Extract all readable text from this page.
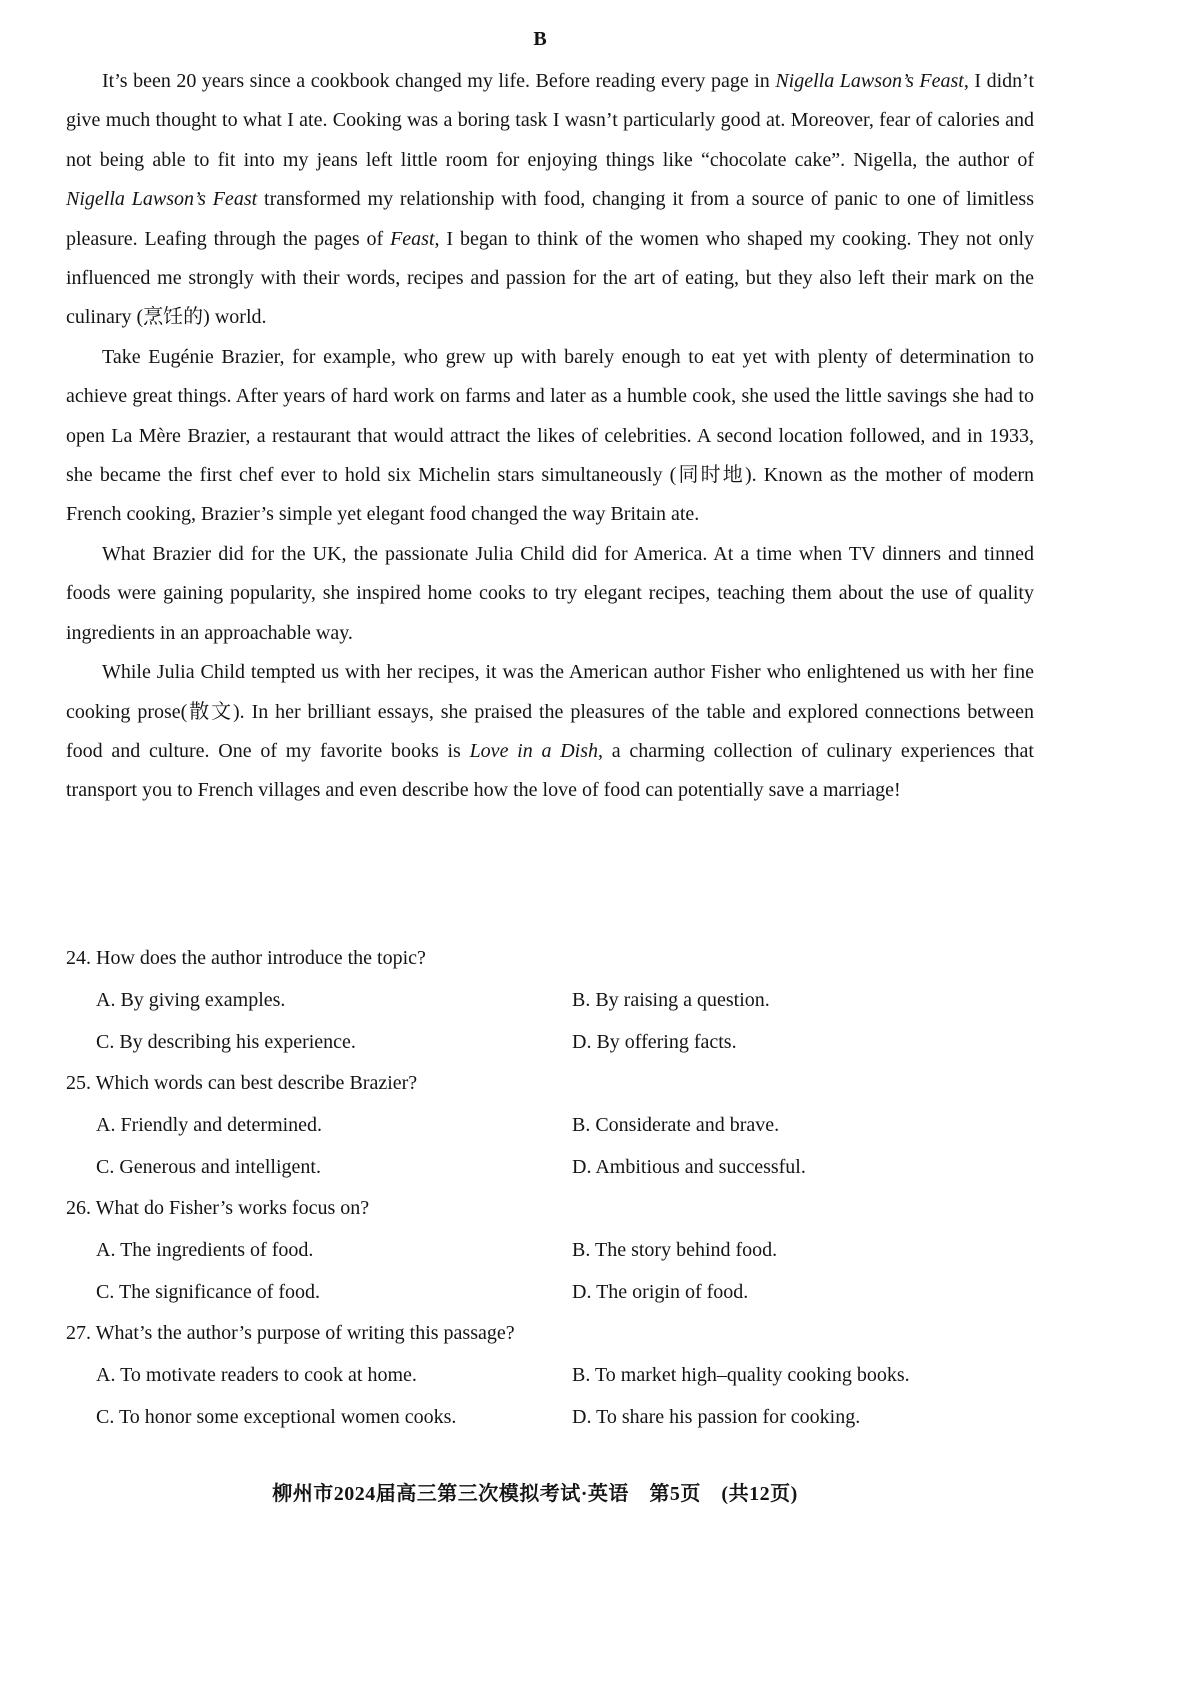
B

It’s been 20 years since a cookbook changed my life. Before reading every page in Nigella Lawson’s Feast, I didn’t give much thought to what I ate. Cooking was a boring task I wasn’t particularly good at. Moreover, fear of calories and not being able to fit into my jeans left little room for enjoying things like “chocolate cake”. Nigella, the author of Nigella Lawson’s Feast transformed my relationship with food, changing it from a source of panic to one of limitless pleasure. Leafing through the pages of Feast, I began to think of the women who shaped my cooking. They not only influenced me strongly with their words, recipes and passion for the art of eating, but they also left their mark on the culinary (烹饪的) world.

Take Eugénie Brazier, for example, who grew up with barely enough to eat yet with plenty of determination to achieve great things. After years of hard work on farms and later as a humble cook, she used the little savings she had to open La Mère Brazier, a restaurant that would attract the likes of celebrities. A second location followed, and in 1933, she became the first chef ever to hold six Michelin stars simultaneously (同时地). Known as the mother of modern French cooking, Brazier’s simple yet elegant food changed the way Britain ate.

What Brazier did for the UK, the passionate Julia Child did for America. At a time when TV dinners and tinned foods were gaining popularity, she inspired home cooks to try elegant recipes, teaching them about the use of quality ingredients in an approachable way.

While Julia Child tempted us with her recipes, it was the American author Fisher who enlightened us with her fine cooking prose(散文). In her brilliant essays, she praised the pleasures of the table and explored connections between food and culture. One of my favorite books is Love in a Dish, a charming collection of culinary experiences that transport you to French villages and even describe how the love of food can potentially save a marriage!

24. How does the author introduce the topic?
A. By giving examples.	B. By raising a question.
C. By describing his experience.	D. By offering facts.
25. Which words can best describe Brazier?
A. Friendly and determined.	B. Considerate and brave.
C. Generous and intelligent.	D. Ambitious and successful.
26. What do Fisher’s works focus on?
A. The ingredients of food.	B. The story behind food.
C. The significance of food.	D. The origin of food.
27. What’s the author’s purpose of writing this passage?
A. To motivate readers to cook at home.	B. To market high–quality cooking books.
C. To honor some exceptional women cooks.	D. To share his passion for cooking.
柳州市2024届高三第三次模拟考试·英语　第5页　(共12页)
